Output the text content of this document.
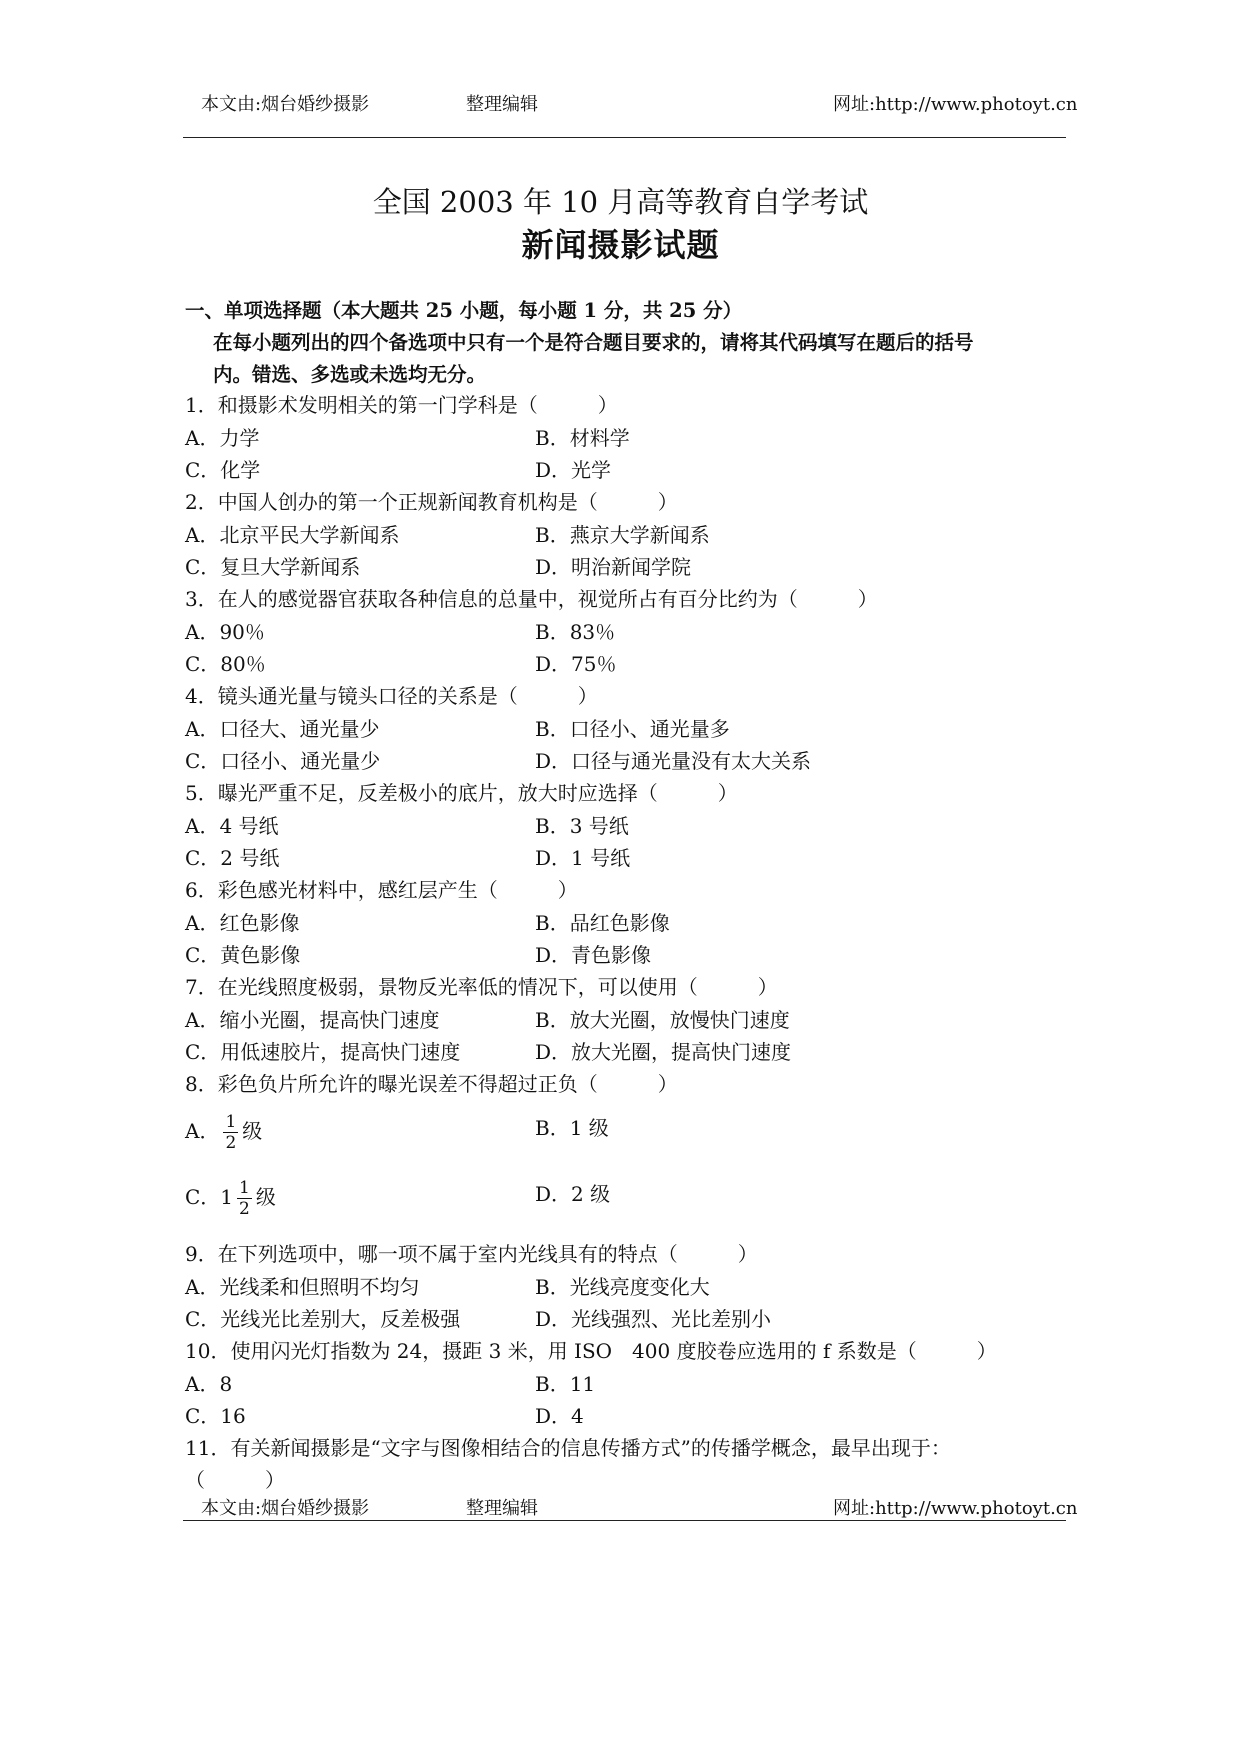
本文由:烟台婚纱摄影	整理编辑	网址:http://www.photoyt.cn
全国 2003 年 10 月高等教育自学考试
新闻摄影试题
一、单项选择题（本大题共 25 小题，每小题 1 分，共 25 分）
在每小题列出的四个备选项中只有一个是符合题目要求的，请将其代码填写在题后的括号
内。错选、多选或未选均无分。
1．和摄影术发明相关的第一门学科是（　　　）
A．力学	B．材料学
C．化学	D．光学
2．中国人创办的第一个正规新闻教育机构是（　　　）
A．北京平民大学新闻系	B．燕京大学新闻系
C．复旦大学新闻系	D．明治新闻学院
3．在人的感觉器官获取各种信息的总量中，视觉所占有百分比约为（　　　）
A．90％	B．83％
C．80％	D．75％
4．镜头通光量与镜头口径的关系是（　　　）
A．口径大、通光量少	B．口径小、通光量多
C．口径小、通光量少	D．口径与通光量没有太大关系
5．曝光严重不足，反差极小的底片，放大时应选择（　　　）
A．4 号纸	B．3 号纸
C．2 号纸	D．1 号纸
6．彩色感光材料中，感红层产生（　　　）
A．红色影像	B．品红色影像
C．黄色影像	D．青色影像
7．在光线照度极弱，景物反光率低的情况下，可以使用（　　　）
A．缩小光圈，提高快门速度	B．放大光圈，放慢快门速度
C．用低速胶片，提高快门速度	D．放大光圈，提高快门速度
8．彩色负片所允许的曝光误差不得超过正负（　　　）
A． $\frac{1}{2}$ 级	B．1 级
C．$1 \frac{1}{2}$ 级	D．2 级
9．在下列选项中，哪一项不属于室内光线具有的特点（　　　）
A．光线柔和但照明不均匀	B．光线亮度变化大
C．光线光比差别大，反差极强	D．光线强烈、光比差别小
10．使用闪光灯指数为 24，摄距 3 米，用 ISO　400 度胶卷应选用的 f 系数是（　　　）
A．8	B．11
C．16	D．4
11．有关新闻摄影是“文字与图像相结合的信息传播方式”的传播学概念，最早出现于：
（　　　）
本文由:烟台婚纱摄影	整理编辑	网址:http://www.photoyt.cn
